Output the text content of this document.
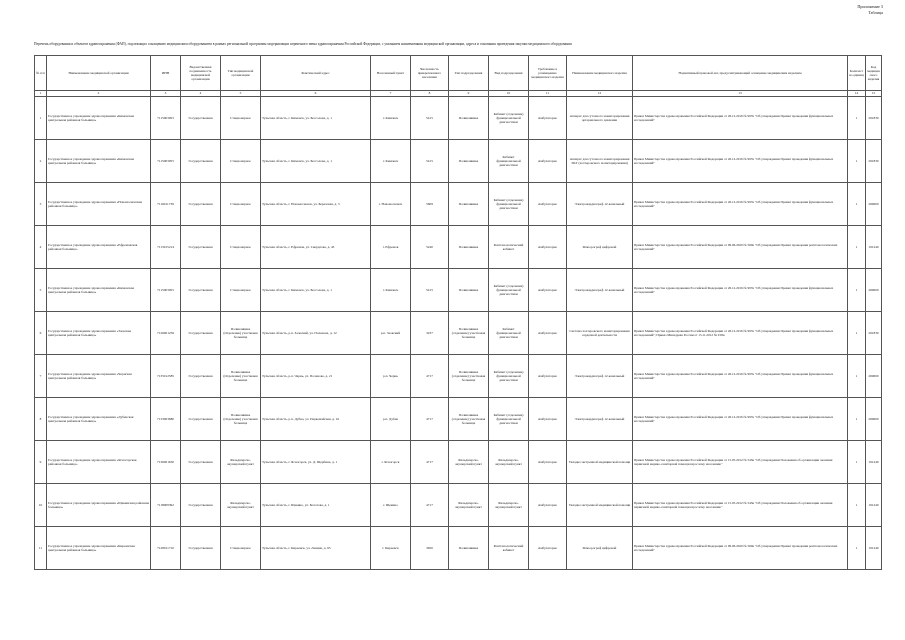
Приложение 3
Таблица
Перечень оборудования и объектов здравоохранения (ФАП), подлежащих оснащению медицинским оборудованием в рамках региональной программы модернизации первичного звена здравоохранения Российской Федерации, с указанием наименования медицинской организации, адреса и основания проведения закупки медицинского оборудования
№ п/п	Наименование медицинской организации	ИНН	Ведомственная подчиненность медицинской организации	Тип медицинской организации	Фактический адрес	Населенный пункт	Численность прикрепленного населения	Тип подразделения	Вид подразделения	Требование к размещению медицинского изделия	Наименование медицинского изделия	Нормативный правовой акт, предусматривающий оснащение медицинским изделием	Количество единиц	Код медицинского изделия
1	2	3	4	5	6	7	8	9	10	11	12	13	14	15
1	Государственное учреждение здравоохранения «Кимовская центральная районная больница»	7115003955	Государственная	Стационарное	Тульская область, г. Кимовск, ул. Бессолова, д. 1	г. Кимовск	5415	Поликлиника	Кабинет (отделение) функциональной диагностики	Амбулаторно	Аппарат для суточного мониторирования артериального давления	Приказ Министерства здравоохранения Российской Федерации от 26.12.2016 № 997н "Об утверждении Правил проведения функциональных исследований"	1	291830
2	Государственное учреждение здравоохранения «Кимовская центральная районная больница»	7115003955	Государственная	Стационарное	Тульская область, г. Кимовск, ул. Бессолова, д. 1	г. Кимовск	5415	Поликлиника	Кабинет функциональной диагностики	Амбулаторно	Аппарат для суточного мониторирования ЭКГ (холтеровского мониторирования)	Приказ Министерства здравоохранения Российской Федерации от 26.12.2016 № 997н "Об утверждении Правил проведения функциональных исследований"	1	291830
3	Государственное учреждение здравоохранения «Новомосковская районная больница»	7116011739	Государственная	Стационарное	Тульская область, г. Новомосковск, ул. Березовая, д. 3	г. Новомосковск	5609	Поликлиника	Кабинет (отделение) функциональной диагностики	Амбулаторно	Электрокардиограф 12-канальный	Приказ Министерства здравоохранения Российской Федерации от 26.12.2016 № 997н "Об утверждении Правил проведения функциональных исследований"	1	269600
4	Государственное учреждение здравоохранения «Ефремовская районная больница»	7113015214	Государственная	Стационарное	Тульская область, г. Ефремов, ул. Свердлова, д. 43	г. Ефремов	5240	Поликлиника	Рентгенологический кабинет	Амбулаторно	Флюорограф цифровой	Приказ Министерства здравоохранения Российской Федерации от 09.06.2020 № 560н "Об утверждении Правил проведения рентгенологических исследований"	1	191240
5	Государственное учреждение здравоохранения «Кимовская центральная районная больница»	7115003955	Государственная	Стационарное	Тульская область, г. Кимовск, ул. Бессолова, д. 1	г. Кимовск	5415	Поликлиника	Кабинет (отделение) функциональной диагностики	Амбулаторно	Электрокардиограф 12-канальный	Приказ Министерства здравоохранения Российской Федерации от 26.12.2016 № 997н "Об утверждении Правил проведения функциональных исследований"	1	269600
6	Государственное учреждение здравоохранения «Заокская центральная районная больница»	7126001259	Государственная	Поликлиника (Отделение) участковая больница	Тульская область, р.п. Заокский, ул. Поленова, д. 12	р.п. Заокский	3237	Поликлиника (отделение) участковая больница	Кабинет функциональной диагностики	Амбулаторно	Система холтеровского мониторирования сердечной деятельности	Приказ Министерства здравоохранения Российской Федерации от 26.12.2016 № 997н "Об утверждении Правил проведения функциональных исследований"; Приказ Минздрава России от 15.11.2012 № 918н	1	291830
7	Государственное учреждение здравоохранения «Чернская центральная районная больница»	7135012585	Государственная	Поликлиника (Отделение) участковая больница	Тульская область, р.п. Чернь, ул. Поленова, д. 21	р.п. Чернь	4717	Поликлиника (отделение) участковая больница	Кабинет (отделение) функциональной диагностики	Амбулаторно	Электрокардиограф 12-канальный	Приказ Министерства здравоохранения Российской Федерации от 26.12.2016 № 997н "Об утверждении Правил проведения функциональных исследований"	1	269600
8	Государственное учреждение здравоохранения «Дубенская центральная районная больница»	7133003680	Государственная	Поликлиника (Отделение) участковая больница	Тульская область, р.п. Дубна, ул. Первомайская, д. 16	р.п. Дубна	4717	Поликлиника (отделение) участковая больница	Кабинет (отделение) функциональной диагностики	Амбулаторно	Электрокардиограф 12-канальный	Приказ Министерства здравоохранения Российской Федерации от 26.12.2016 № 997н "Об утверждении Правил проведения функциональных исследований"	1	269600
9	Государственное учреждение здравоохранения «Ясногорская районная больница»	7136001630	Государственная	Фельдшерско-акушерский пункт	Тульская область, г. Ясногорск, ул. Д. Щербина, д. 1	г. Ясногорск	4717	Фельдшерско-акушерский пункт	Фельдшерско-акушерский пункт	Амбулаторно	Укладка экстренной медицинской помощи	Приказ Министерства здравоохранения Российской Федерации от 15.05.2012 № 543н "Об утверждении Положения об организации оказания первичной медико-санитарной помощи взрослому населению"	1	191240
10	Государственное учреждение здравоохранения «Щекинская районная больница»	7118009392	Государственная	Фельдшерско-акушерский пункт	Тульская область, г. Щекино, ул. Болотова, д. 1	г. Щекино	4717	Фельдшерско-акушерский пункт	Фельдшерско-акушерский пункт	Амбулаторно	Укладка экстренной медицинской помощи	Приказ Министерства здравоохранения Российской Федерации от 15.05.2012 № 543н "Об утверждении Положения об организации оказания первичной медико-санитарной помощи взрослому населению"	1	191240
11	Государственное учреждение здравоохранения «Киреевская центральная районная больница»	7128011710	Государственная	Стационарное	Тульская область, г. Киреевск, ул. Ленина, д. 95	г. Киреевск	3650	Поликлиника	Рентгенологический кабинет	Амбулаторно	Флюорограф цифровой	Приказ Министерства здравоохранения Российской Федерации от 09.06.2020 № 560н "Об утверждении Правил проведения рентгенологических исследований"	1	191240
